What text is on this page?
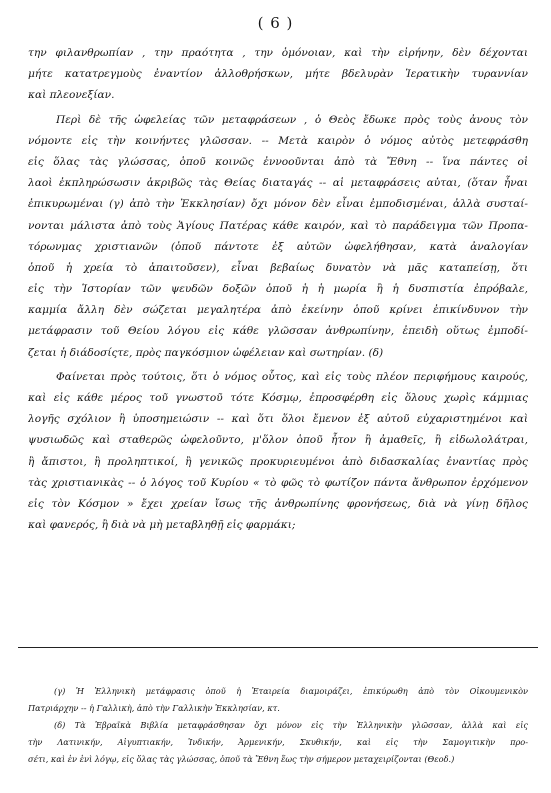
( 6 )
την φιλανθρωπίαν , την πραότητα , την ὁμόνοιαν, καὶ τὴν εἰρήνην, δὲν δέχονται
μήτε κατατρεγμοὺς ἐναντίον ἀλλοθρήσκων, μήτε βδελυρὰν Ἱερατικὴν τυραννίαν
καὶ πλεονεξίαν.
Περὶ δὲ τῆς ὠφελείας τῶν μεταφράσεων , ὁ Θεὸς ἔδωκε πρὸς τοὺς ἀνους τὸν
νόμοντε εἰς τὴν κοινήντες γλῶσσαν. -- Μετὰ καιρὸν ὁ νόμος αὐτὸς μετεφράσθη
εἰς ὅλας τὰς γλώσσας, ὁποῦ κοινῶς ἐννοοῦνται ἀπὸ τὰ Ἔθνη -- ἵνα πάντες οἱ
λαοὶ ἐκπληρώσωσιν ἀκριβῶς τὰς Θείας διαταγάς -- αἱ μεταφράσεις αὐται, (ὅταν ἦναι
ἐπικυρωμέναι (γ) ἀπὸ τὴν Ἐκκλησίαν) ὄχι μόνον δὲν εἶναι ἐμποδισμέναι, ἀλλὰ συσταί-
νονται μάλιστα ἀπὸ τοὺς Ἁγίους Πατέρας κάθε καιρόν, καὶ τὸ παράδειγμα τῶν Προπα-
τόρωνμας χριστιανῶν (ὁποῦ πάντοτε ἐξ αὐτῶν ὠφελήθησαν, κατὰ ἀναλογίαν
ὁποῦ ἡ χρεία τὸ ἀπαιτοῦσεν), εἶναι βεβαίως δυνατὸν νὰ μᾶς καταπείσῃ, ὅτι
εἰς τὴν Ἱστορίαν τῶν ψευδῶν δοξῶν ὁποῦ ἡ ἡ μωρία ἢ ἡ δυσπιστία ἐπρόβαλε,
καμμία ἄλλη δὲν σώζεται μεγαλητέρα ἀπὸ ἐκείνην ὁποῦ κρίνει ἐπικίνδυνον τὴν
μετάφρασιν τοῦ Θείου λόγου εἰς κάθε γλῶσσαν ἀνθρωπίνην, ἐπειδὴ οὕτως ἐμποδί-
ζεται ἡ διάδοσίςτε, πρὸς παγκόσμιον ὠφέλειαν καὶ σωτηρίαν. (δ)
Φαίνεται πρὸς τούτοις, ὅτι ὁ νόμος οὗτος, καὶ εἰς τοὺς πλέον περιφήμους καιρούς,
καὶ εἰς κάθε μέρος τοῦ γνωστοῦ τότε Κόσμῳ, ἐπροσφέρθη εἰς ὅλους χωρὶς κάμμιας
λογῆς σχόλιον ἢ ὑποσημειώσιν -- καὶ ὅτι ὅλοι ἔμενον ἐξ αὐτοῦ εὐχαριστημένοι καὶ
ψυσιωδῶς καὶ σταθερῶς ὠφελοῦντο, μ'ὅλον ὁποῦ ἦτον ἢ ἀμαθεῖς, ἢ εἰδωλολάτραι,
ἢ ἄπιστοι, ἢ προληπτικοί, ἢ γενικῶς προκυριευμένοι ἀπὸ διδασκαλίας ἐναντίας πρὸς
τὰς χριστιανικὰς -- ὁ λόγος τοῦ Κυρίου « τὸ φῶς τὸ φωτίζον πάντα ἄνθρωπον ἐρχόμενον
εἰς τὸν Κόσμον » ἔχει χρείαν ἴσως τῆς ἀνθρωπίνης φρονήσεως, διὰ νὰ γίνῃ δῆλος
καὶ φανερός, ἢ διὰ νὰ μὴ μεταβληθῇ εἰς φαρμάκι;
(γ) Ἡ Ἑλληνικὴ μετάφρασις ὁποῦ ἡ Ἑταιρεία διαμοιράζει, ἐπικύρωθη ἀπὸ τὸν Οἰκουμενικὸν
Πατριάρχην -- ἡ Γαλλικὴ, ἀπὸ τὴν Γαλλικὴν Ἐκκλησίαν, κτ.
(δ) Τὰ Ἑβραϊκὰ Βιβλία μεταφράσθησαν ὄχι μόνον εἰς τὴν Ἑλληνικὴν γλῶσσαν, ἀλλὰ καὶ εἰς
τὴν Λατινικήν, Αἰγυπτιακήν, Ἰνδικήν, Ἀρμενικήν, Σκυθικήν, καὶ εἰς τὴν Σαμογιτικὴν προ-
σέτι, καὶ ἐν ἑνὶ λόγῳ, εἰς ὅλας τὰς γλώσσας, ὁποῦ τὰ Ἔθνη ἕως τὴν σήμερον μεταχειρίζονται (Θεοδ.)
